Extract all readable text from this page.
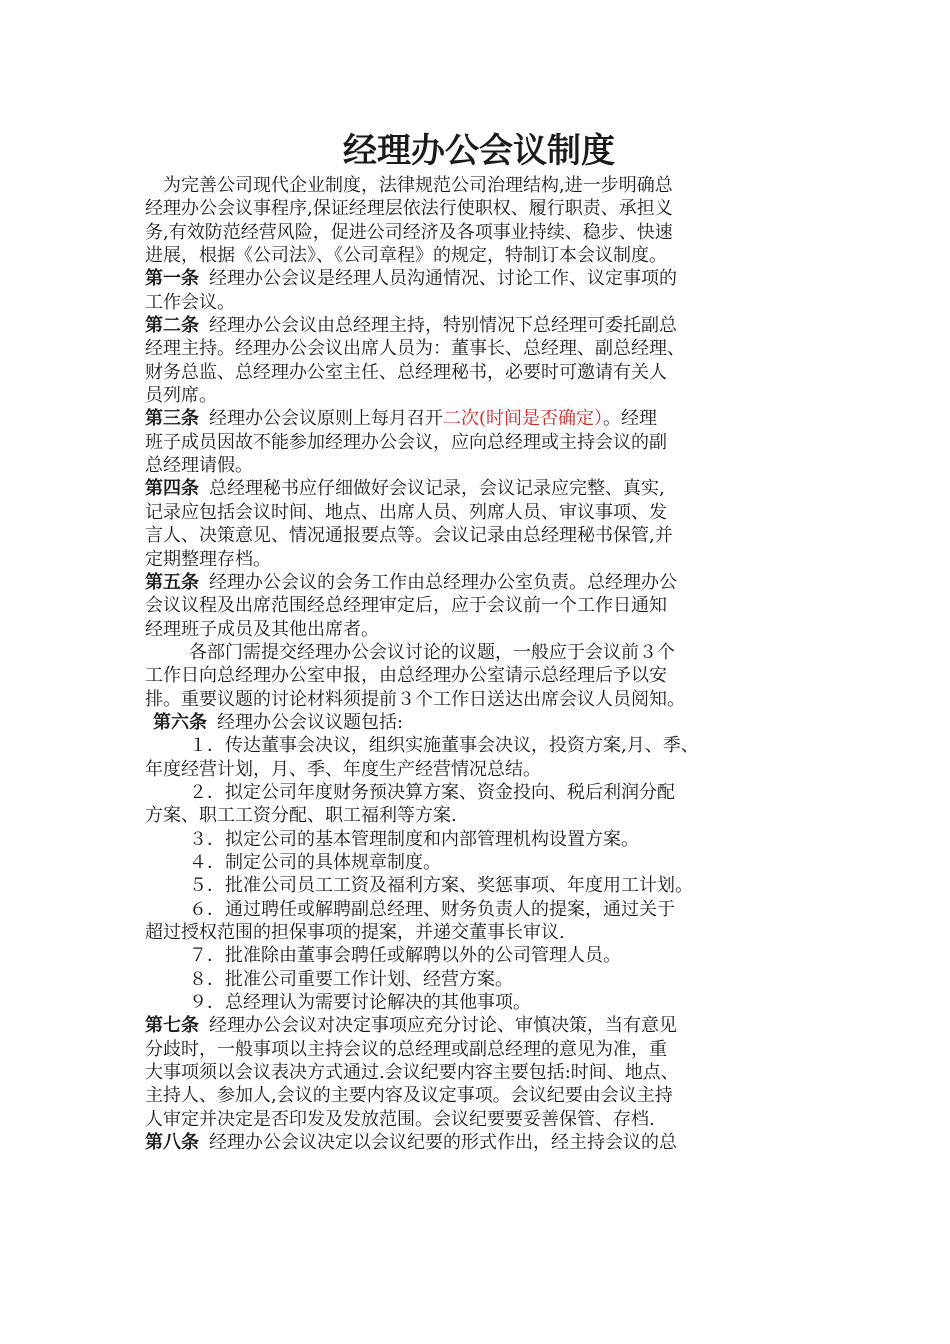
经理办公会议制度
为完善公司现代企业制度，法律规范公司治理结构,进一步明确总
经理办公会议事程序,保证经理层依法行使职权、履行职责、承担义
务,有效防范经营风险，促进公司经济及各项事业持续、稳步、快速
进展，根据《公司法》、《公司章程》的规定，特制订本会议制度。
第一条 经理办公会议是经理人员沟通情况、讨论工作、议定事项的
工作会议。
第二条 经理办公会议由总经理主持，特别情况下总经理可委托副总
经理主持。经理办公会议出席人员为：董事长、总经理、副总经理、
财务总监、总经理办公室主任、总经理秘书，必要时可邀请有关人
员列席。
第三条 经理办公会议原则上每月召开二次(时间是否确定）。经理
班子成员因故不能参加经理办公会议，应向总经理或主持会议的副
总经理请假。
第四条 总经理秘书应仔细做好会议记录，会议记录应完整、真实,
记录应包括会议时间、地点、出席人员、列席人员、审议事项、发
言人、决策意见、情况通报要点等。会议记录由总经理秘书保管,并
定期整理存档。
第五条 经理办公会议的会务工作由总经理办公室负责。总经理办公
会议议程及出席范围经总经理审定后，应于会议前一个工作日通知
经理班子成员及其他出席者。
各部门需提交经理办公会议讨论的议题，一般应于会议前３个
工作日向总经理办公室申报，由总经理办公室请示总经理后予以安
排。重要议题的讨论材料须提前３个工作日送达出席会议人员阅知。
第六条 经理办公会议议题包括:
１．传达董事会决议，组织实施董事会决议，投资方案,月、季、
年度经营计划，月、季、年度生产经营情况总结。
２．拟定公司年度财务预决算方案、资金投向、税后利润分配
方案、职工工资分配、职工福利等方案.
３．拟定公司的基本管理制度和内部管理机构设置方案。
４．制定公司的具体规章制度。
５．批准公司员工工资及福利方案、奖惩事项、年度用工计划。
６．通过聘任或解聘副总经理、财务负责人的提案，通过关于
超过授权范围的担保事项的提案，并递交董事长审议.
７．批准除由董事会聘任或解聘以外的公司管理人员。
８．批准公司重要工作计划、经营方案。
９．总经理认为需要讨论解决的其他事项。
第七条 经理办公会议对决定事项应充分讨论、审慎决策，当有意见
分歧时，一般事项以主持会议的总经理或副总经理的意见为准，重
大事项须以会议表决方式通过.会议纪要内容主要包括:时间、地点、
主持人、参加人,会议的主要内容及议定事项。会议纪要由会议主持
人审定并决定是否印发及发放范围。会议纪要要妥善保管、存档.
第八条 经理办公会议决定以会议纪要的形式作出，经主持会议的总
